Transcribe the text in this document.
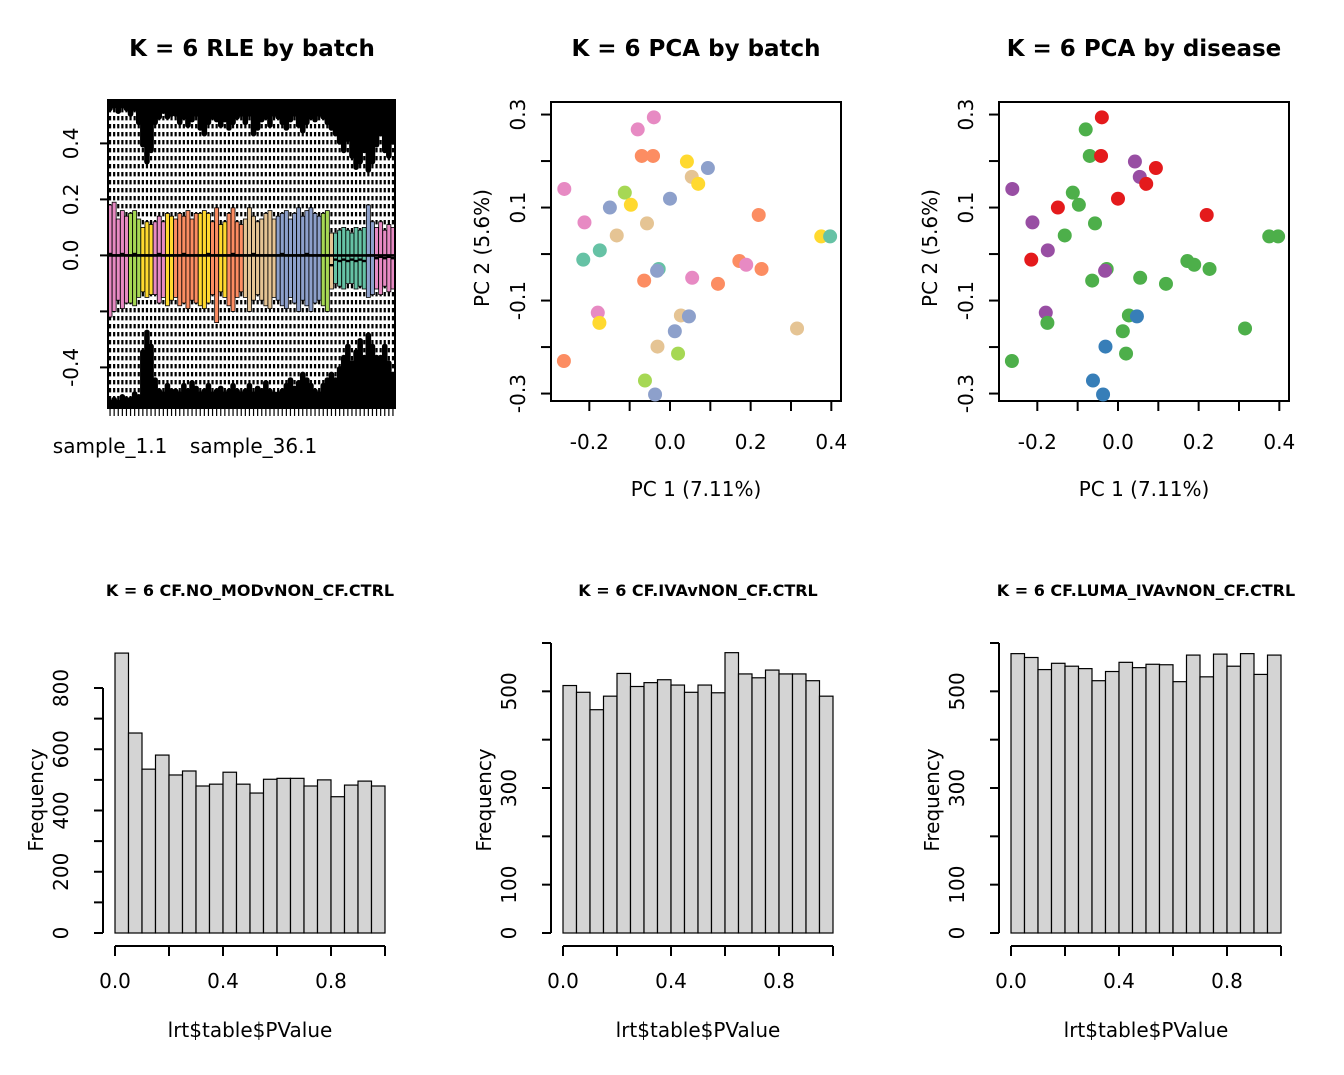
0.4
0.2
0.0
-0.4
sample_1.1 sample_36.1
K = 6 RLE by batch
-0.2 0.0 0.2 0.4
0.3
0.1
-0.1
-0.3
K = 6 PCA by batch
PC 1 (7.11%)
PC 2 (5.6%)
-0.2 0.0 0.2 0.4
0.3
0.1
-0.1
-0.3
K = 6 PCA by disease
PC 1 (7.11%)
PC 2 (5.6%)
0
200
400
600
800
0.0	0.4	0.8
K = 6 CF.NO_MODvNON_CF.CTRL
lrt$table$PValue
Frequency
0
100
300
500
0.0	0.4	0.8
K = 6 CF.IVAvNON_CF.CTRL
lrt$table$PValue
Frequency
0
100
300
500
0.0	0.4	0.8
K = 6 CF.LUMA_IVAvNON_CF.CTRL
lrt$table$PValue
Frequency
